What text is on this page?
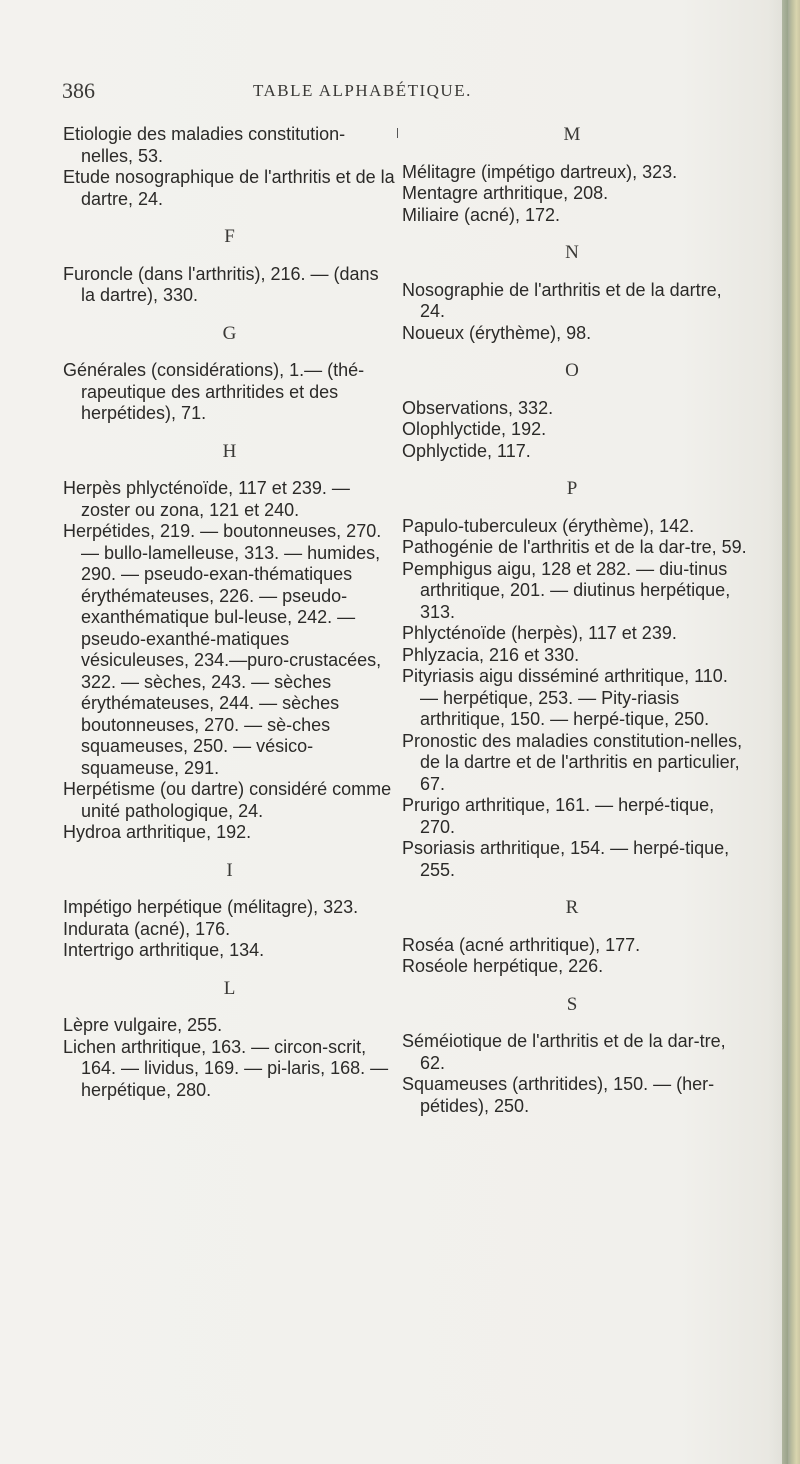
386	TABLE ALPHABÉTIQUE.
Etiologie des maladies constitution-nelles, 53.
Etude nosographique de l'arthritis et de la dartre, 24.
F
Furoncle (dans l'arthritis), 216. — (dans la dartre), 330.
G
Générales (considérations), 1.— (thé-rapeutique des arthritides et des herpétides), 71.
H
Herpès phlycténoïde, 117 et 239. — zoster ou zona, 121 et 240.
Herpétides, 219. — boutonneuses, 270. — bullo-lamelleuse, 313. — humides, 290. — pseudo-exan-thématiques érythémateuses, 226. — pseudo-exanthématique bul-leuse, 242. — pseudo-exanthé-matiques vésiculeuses, 234.—puro-crustacées, 322. — sèches, 243. — sèches érythémateuses, 244. — sèches boutonneuses, 270. — sè-ches squameuses, 250. — vésico-squameuse, 291.
Herpétisme (ou dartre) considéré comme unité pathologique, 24.
Hydroa arthritique, 192.
I
Impétigo herpétique (mélitagre), 323.
Indurata (acné), 176.
Intertrigo arthritique, 134.
L
Lèpre vulgaire, 255.
Lichen arthritique, 163. — circon-scrit, 164. — lividus, 169. — pi-laris, 168. — herpétique, 280.
M
Mélitagre (impétigo dartreux), 323.
Mentagre arthritique, 208.
Miliaire (acné), 172.
N
Nosographie de l'arthritis et de la dartre, 24.
Noueux (érythème), 98.
O
Observations, 332.
Olophlyctide, 192.
Ophlyctide, 117.
P
Papulo-tuberculeux (érythème), 142.
Pathogénie de l'arthritis et de la dar-tre, 59.
Pemphigus aigu, 128 et 282. — diu-tinus arthritique, 201. — diutinus herpétique, 313.
Phlycténoïde (herpès), 117 et 239.
Phlyzacia, 216 et 330.
Pityriasis aigu disséminé arthritique, 110. — herpétique, 253. — Pity-riasis arthritique, 150. — herpé-tique, 250.
Pronostic des maladies constitution-nelles, de la dartre et de l'arthritis en particulier, 67.
Prurigo arthritique, 161. — herpé-tique, 270.
Psoriasis arthritique, 154. — herpé-tique, 255.
R
Roséa (acné arthritique), 177.
Roséole herpétique, 226.
S
Séméiotique de l'arthritis et de la dar-tre, 62.
Squameuses (arthritides), 150. — (her-pétides), 250.
